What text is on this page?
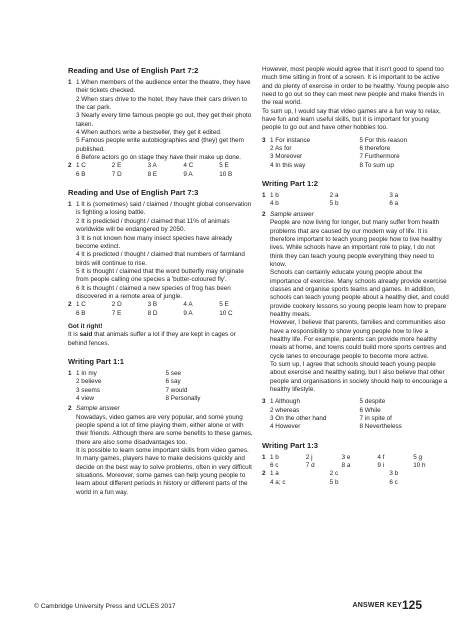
Reading and Use of English Part 7:2
1 1 When members of the audience enter the theatre, they have their tickets checked.

2 When stars drive to the hotel, they have their cars driven to the car park.

3 Nearly every time famous people go out, they get their photo taken.

4 When authors write a bestseller, they get it edited.

5 Famous people write autobiographies and (they) get them published.

6 Before actors go on stage they have their make up done.

2 1 C	2 E	3 A	4 C	5 E
6 B	7 D	8 E	9 A	10 B
Reading and Use of English Part 7:3
1 1 It is (sometimes) said / claimed / thought global conservation is fighting a losing battle.

2 It is predicted / thought / claimed that 11% of animals worldwide will be endangered by 2050.

3 It is not known how many insect species have already become extinct.

4 It is predicted / thought / claimed that numbers of farmland birds will continue to rise.

5 It is thought / claimed that the word butterfly may originate from people calling one species a 'butter-coloured fly'.

6 It is thought / claimed a new species of frog has been discovered in a remote area of jungle.

2 1 C	2 D	3 B	4 A	5 E
6 B	7 E	8 D	9 A	10 C

Got it right!

It is said that animals suffer a lot if they are kept in cages or behind fences.

Writing Part 1:1
1 1 In my	5 see
2 believe	6 say
3 seems	7 would
4 view	8 Personally
2 Sample answer

Nowadays, video games are very popular, and some young people spend a lot of time playing them, either alone or with their friends. Although there are some benefits to these games, there are also some disadvantages too.

It is possible to learn some important skills from video games. In many games, players have to make decisions quickly and decide on the best way to solve problems, often in very difficult situations. Moreover, some games can help young people to learn about different periods in history or different parts of the world in a fun way.

However, most people would agree that it isn't good to spend too much time sitting in front of a screen. It is important to be active and do plenty of exercise in order to be healthy. Young people also need to go out so they can meet new people and make friends in the real world.

To sum up, I would say that video games are a fun way to relax, have fun and learn useful skills, but it is important for young people to go out and have other hobbies too.

3 1 For instance	5 For this reason
2 As for	6 therefore
3 Moreover	7 Furthermore
4 In this way	8 To sum up
Writing Part 1:2
1 1 b	2 a	3 a
4 b	5 b	6 a
2 Sample answer

People are now living for longer, but many suffer from health problems that are caused by our modern way of life. It is therefore important to teach young people how to live healthy lives. While schools have an important role to play, I do not think they can teach young people everything they need to know.

Schools can certainly educate young people about the importance of exercise. Many schools already provide exercise classes and organise sports teams and games. In addition, schools can teach young people about a healthy diet, and could provide cookery lessons so young people learn how to prepare healthy meals.

However, I believe that parents, families and communities also have a responsibility to show young people how to live a healthy life. For example, parents can provide more healthy meals at home, and towns could build more sports centres and cycle lanes to encourage people to become more active.

To sum up, I agree that schools should teach young people about exercise and healthy eating, but I also believe that other people and organisations in society should help to encourage a healthy lifestyle.

3 1 Although	5 despite
2 whereas	6 While
3 On the other hand	7 in spite of
4 However	8 Nevertheless
Writing Part 1:3
1 1 b	2 j	3 e	4 f	5 g
6 c	7 d	8 a	9 i	10 h
2 1 a	2 c	3 b
4 a; c	5 b	6 c
© Cambridge University Press and UCLES 2017	ANSWER KEY 125
